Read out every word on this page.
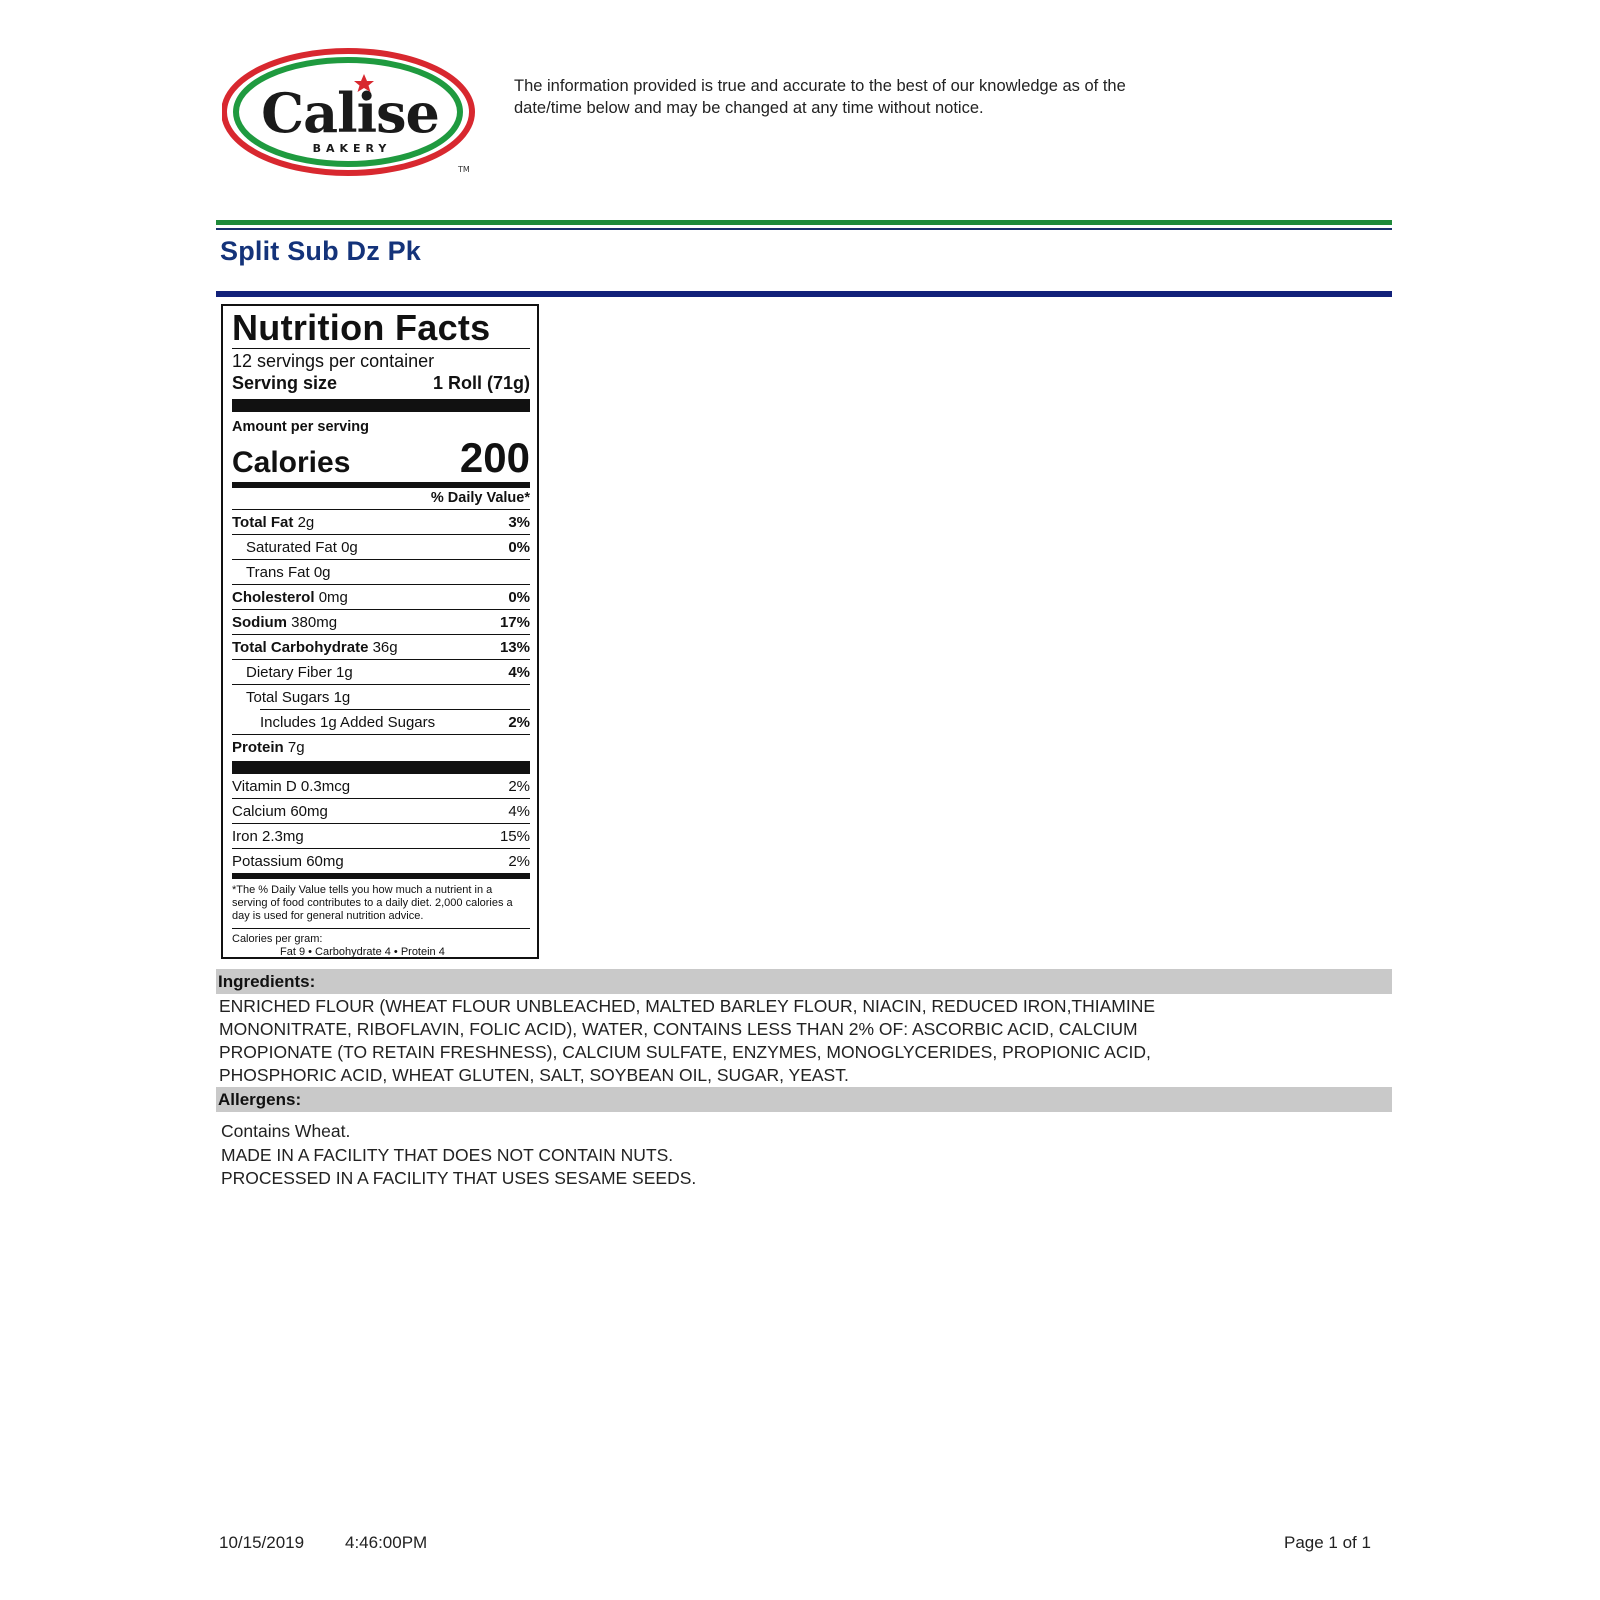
Calise
BAKERY
TM
The information provided is true and accurate to the best of our knowledge as of the date/time below and may be changed at any time without notice.
Split Sub Dz Pk
Nutrition Facts
12 servings per container
Serving size	1 Roll (71g)
Amount per serving
Calories	200
% Daily Value*
Total Fat 2g	3%
Saturated Fat 0g	0%
Trans Fat 0g
Cholesterol 0mg	0%
Sodium 380mg	17%
Total Carbohydrate 36g	13%
Dietary Fiber 1g	4%
Total Sugars 1g
Includes 1g Added Sugars	2%
Protein 7g
Vitamin D 0.3mcg	2%
Calcium 60mg	4%
Iron 2.3mg	15%
Potassium 60mg	2%
*The % Daily Value tells you how much a nutrient in a serving of food contributes to a daily diet. 2,000 calories a day is used for general nutrition advice.
Calories per gram:
Fat 9 • Carbohydrate 4 • Protein 4
Ingredients:
ENRICHED FLOUR (WHEAT FLOUR UNBLEACHED, MALTED BARLEY FLOUR, NIACIN, REDUCED IRON,THIAMINE
MONONITRATE, RIBOFLAVIN, FOLIC ACID), WATER, CONTAINS LESS THAN 2% OF: ASCORBIC ACID, CALCIUM
PROPIONATE (TO RETAIN FRESHNESS), CALCIUM SULFATE, ENZYMES, MONOGLYCERIDES, PROPIONIC ACID,
PHOSPHORIC ACID, WHEAT GLUTEN, SALT, SOYBEAN OIL, SUGAR, YEAST.
Allergens:
Contains Wheat.
MADE IN A FACILITY THAT DOES NOT CONTAIN NUTS.
PROCESSED IN A FACILITY THAT USES SESAME SEEDS.
10/15/2019 4:46:00PM	Page 1 of 1
